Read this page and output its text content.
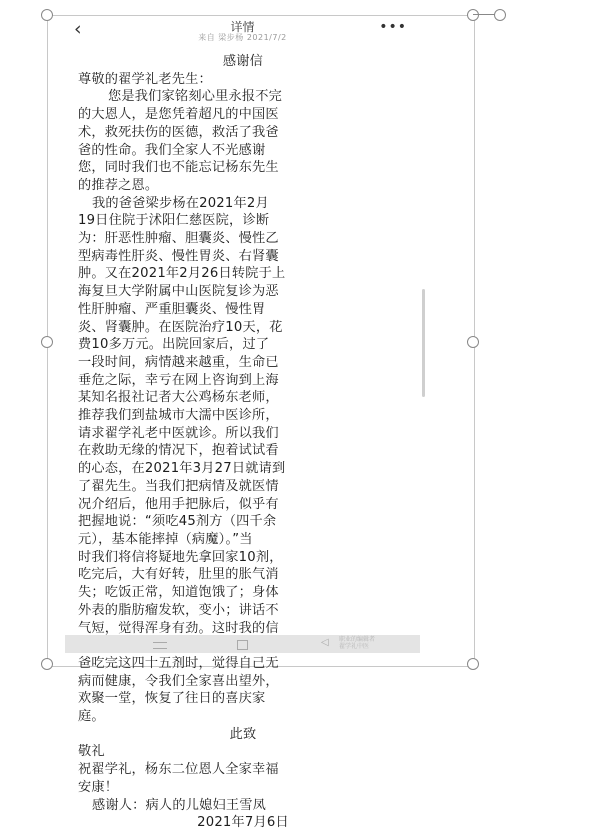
‹	详情
来自 梁步杨 2021/7/2
•••
感谢信
尊敬的翟学礼老先生：
您是我们家铭刻心里永报不完
的大恩人，是您凭着超凡的中国医
术，救死扶伤的医德，救活了我爸
爸的性命。我们全家人不光感谢
您，同时我们也不能忘记杨东先生
的推荐之恩。
我的爸爸梁步杨在2021年2月
19日住院于沭阳仁慈医院，诊断
为：肝恶性肿瘤、胆囊炎、慢性乙
型病毒性肝炎、慢性胃炎、右肾囊
肿。又在2021年2月26日转院于上
海复旦大学附属中山医院复诊为恶
性肝肿瘤、严重胆囊炎、慢性胃
炎、肾囊肿。在医院治疗10天，花
费10多万元。出院回家后，过了
一段时间，病情越来越重，生命已
垂危之际，幸亏在网上咨询到上海
某知名报社记者大公鸡杨东老师，
推荐我们到盐城市大濡中医诊所，
请求翟学礼老中医就诊。所以我们
在救助无缘的情况下，抱着试试看
的心态，在2021年3月27日就请到
了翟先生。当我们把病情及就医情
况介绍后，他用手把脉后，似乎有
把握地说：“须吃45剂方（四千余
元），基本能摔掉（病魔）。”当
时我们将信将疑地先拿回家10剂，
吃完后，大有好转，肚里的胀气消
失；吃饭正常，知道饱饿了；身体
外表的脂肪瘤发软，变小；讲话不
气短，觉得浑身有劲。这时我的信
爸吃完这四十五剂时，觉得自己无
病而健康，令我们全家喜出望外，
欢聚一堂，恢复了往日的喜庆家
庭。
此致
敬礼
祝翟学礼，杨东二位恩人全家幸福
安康！
感谢人：病人的儿媳妇王雪凤
2021年7月6日
◁ 职业的编辑者
翟学礼中医
